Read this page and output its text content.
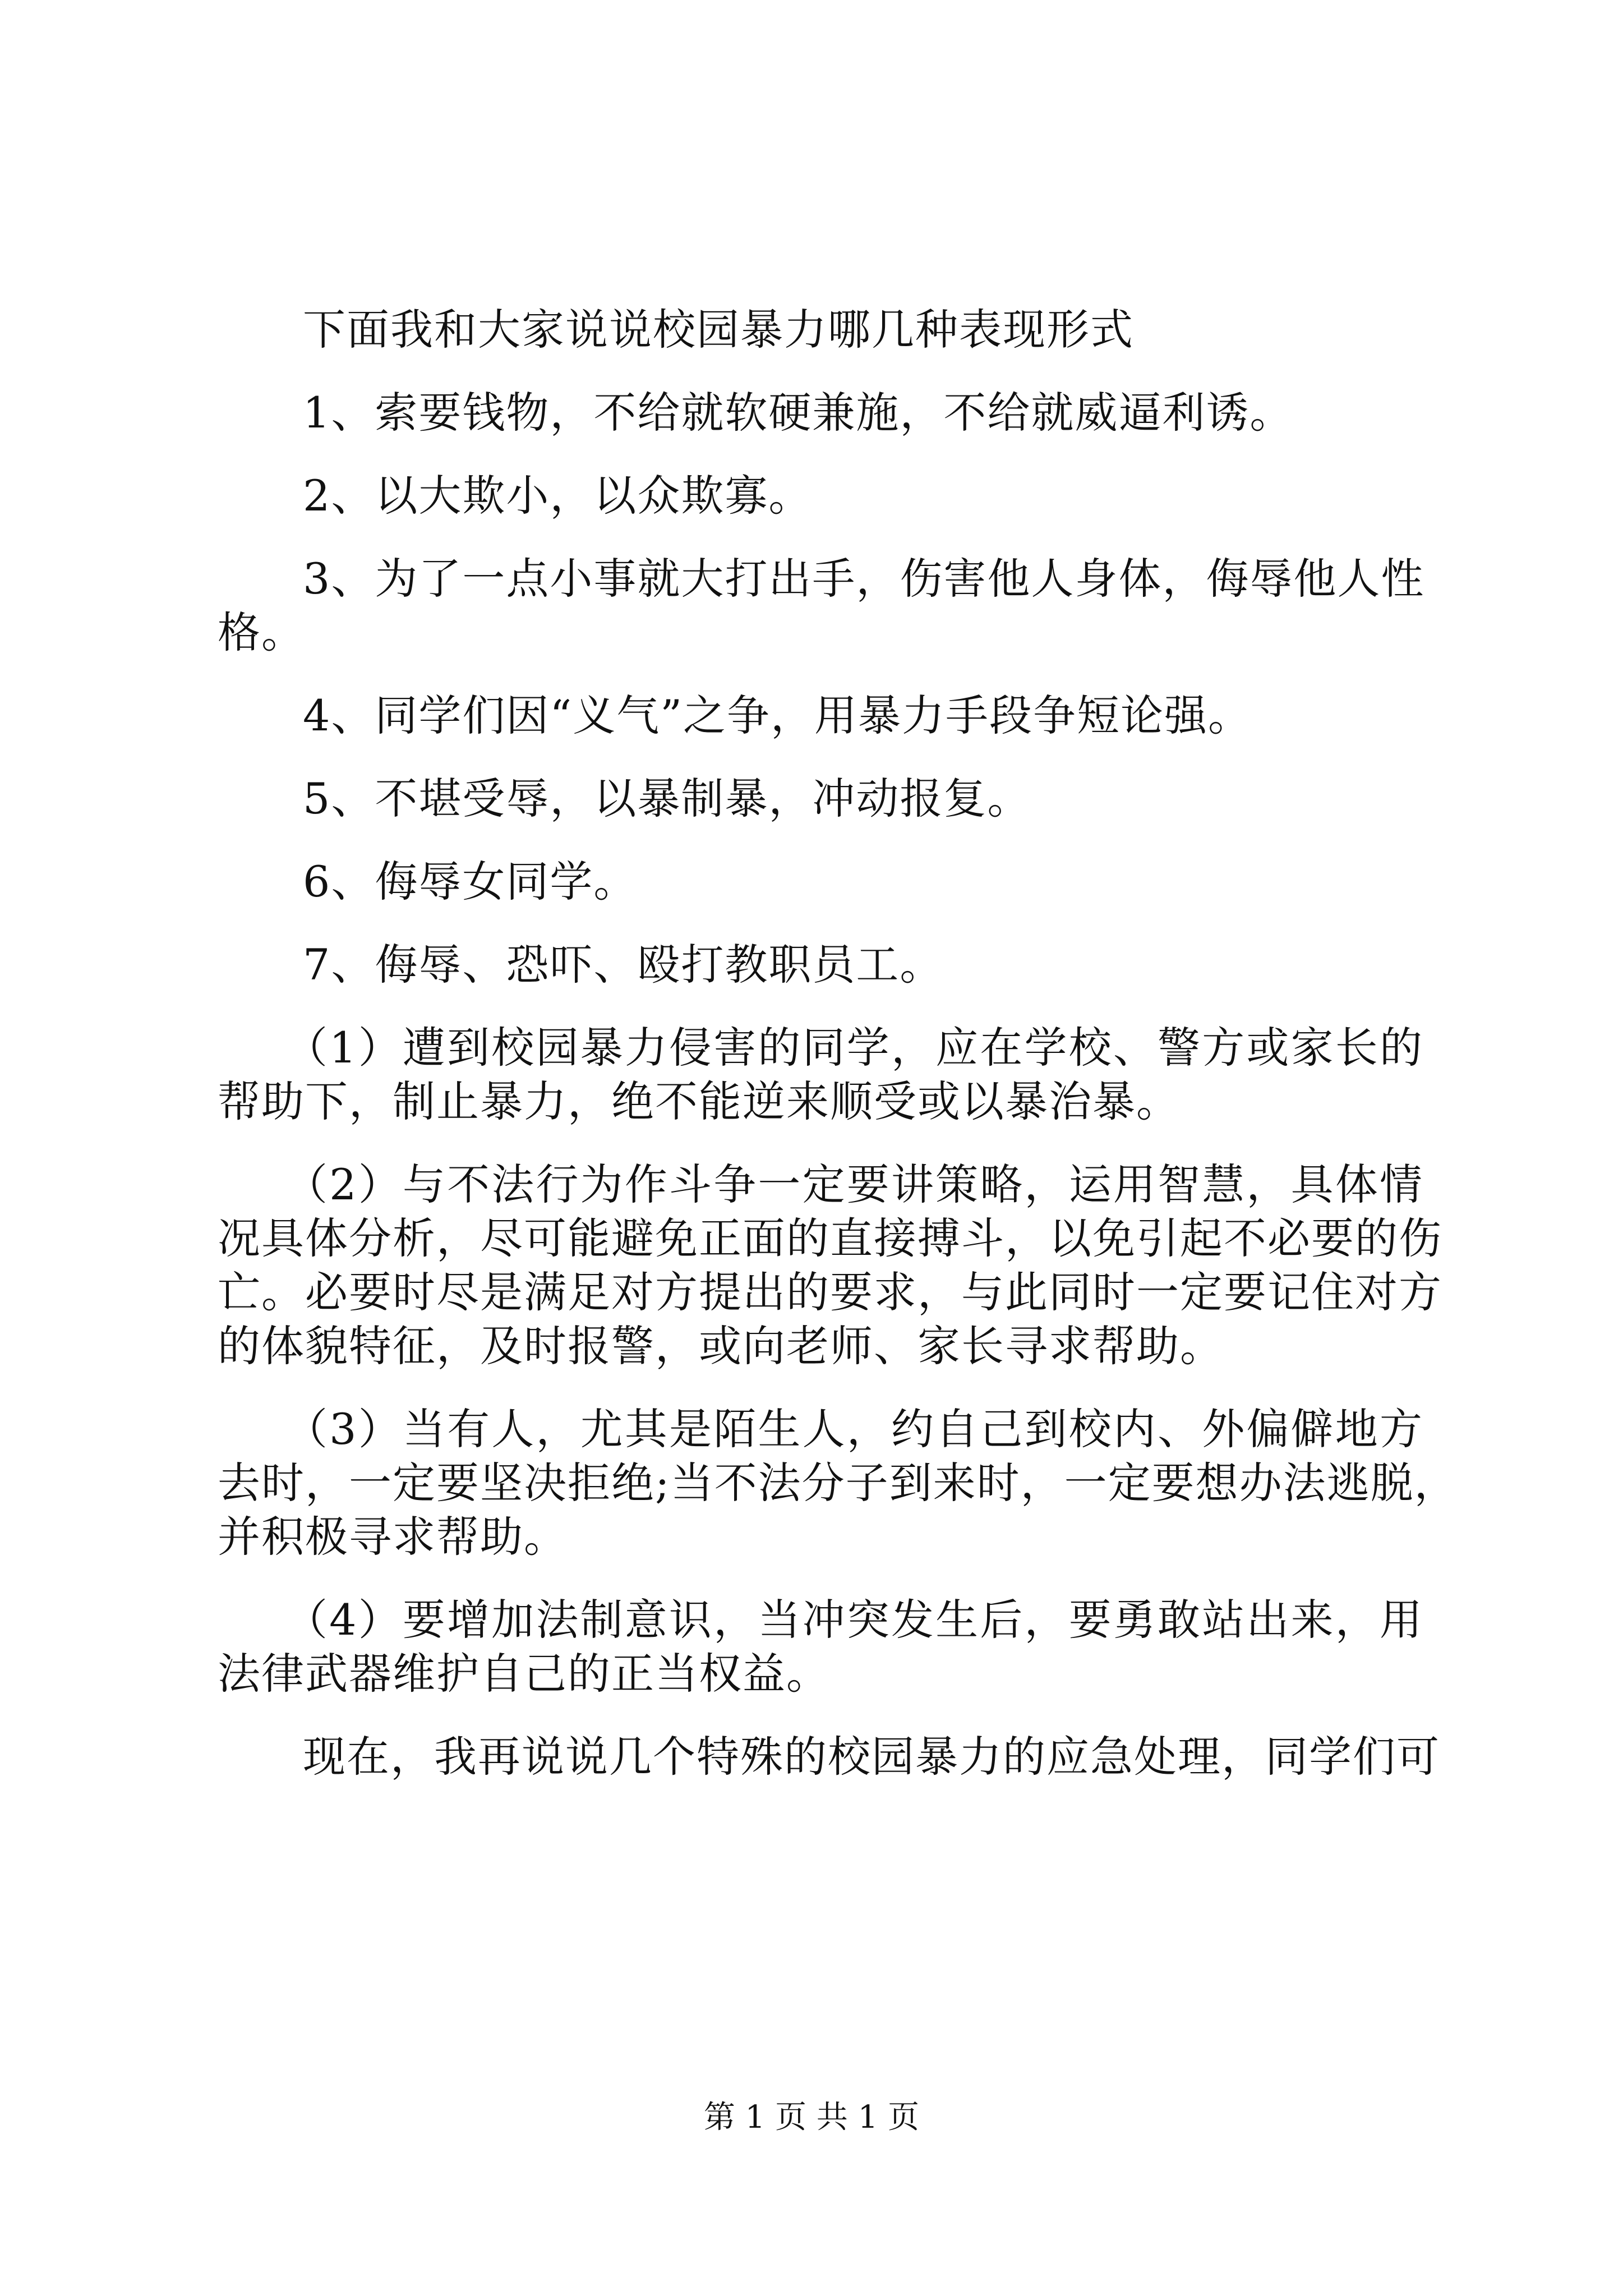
下面我和大家说说校园暴力哪几种表现形式
1、索要钱物，不给就软硬兼施，不给就威逼利诱。
2、以大欺小，以众欺寡。
3、为了一点小事就大打出手，伤害他人身体，侮辱他人性
格。
4、同学们因“义气”之争，用暴力手段争短论强。
5、不堪受辱，以暴制暴，冲动报复。
6、侮辱女同学。
7、侮辱、恐吓、殴打教职员工。
（1）遭到校园暴力侵害的同学，应在学校、警方或家长的
帮助下，制止暴力，绝不能逆来顺受或以暴治暴。
（2）与不法行为作斗争一定要讲策略，运用智慧，具体情
况具体分析，尽可能避免正面的直接搏斗，以免引起不必要的伤
亡。必要时尽是满足对方提出的要求，与此同时一定要记住对方
的体貌特征，及时报警，或向老师、家长寻求帮助。
（3）当有人，尤其是陌生人，约自己到校内、外偏僻地方
去时，一定要坚决拒绝;当不法分子到来时，一定要想办法逃脱，
并积极寻求帮助。
（4）要增加法制意识，当冲突发生后，要勇敢站出来，用
法律武器维护自己的正当权益。
现在，我再说说几个特殊的校园暴力的应急处理，同学们可
第 1 页 共 1 页
